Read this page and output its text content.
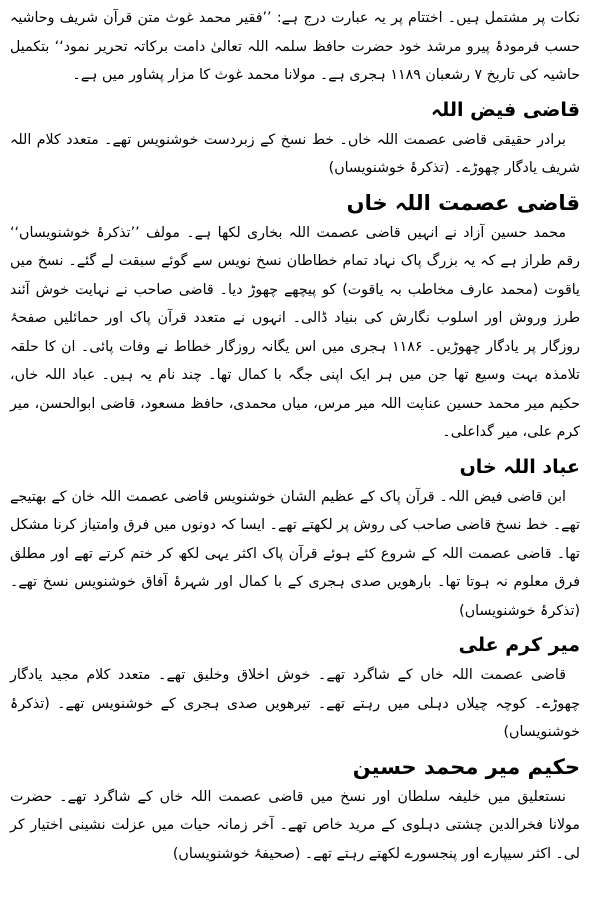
نکات پر مشتمل ہیں۔ اختتام پر یہ عبارت درج ہے: ’’فقیر محمد غوث متن قرآن شریف وحاشیہ حسب فرمودۂ پیرو مرشد خود حضرت حافظ سلمہ اللہ تعالیٰ دامت برکاتہ تحریر نمود‘‘ بتکمیل حاشیہ کی تاریخ ۷ رشعبان ۱۱۸۹ ہجری ہے۔ مولانا محمد غوث کا مزار پشاور میں ہے۔

قاضی فیض اللہ

برادر حقیقی قاضی عصمت اللہ خاں۔ خط نسخ کے زبردست خوشنویس تھے۔ متعدد کلام اللہ شریف یادگار چھوڑے۔ (تذکرۂ خوشنویساں)

قاضی عصمت اللہ خاں

محمد حسین آزاد نے انہیں قاضی عصمت اللہ بخاری لکھا ہے۔ مولف ’’تذکرۂ خوشنویساں‘‘ رقم طراز ہے کہ یہ بزرگ پاک نہاد تمام خطاطان نسخ نویس سے گوئے سبقت لے گئے۔ نسخ میں یاقوت (محمد عارف مخاطب بہ یاقوت) کو پیچھے چھوڑ دیا۔ قاضی صاحب نے نہایت خوش آئند طرز وروش اور اسلوب نگارش کی بنیاد ڈالی۔ انہوں نے متعدد قرآن پاک اور حمائلیں صفحۂ روزگار پر یادگار چھوڑیں۔ ۱۱۸۶ ہجری میں اس یگانہ روزگار خطاط نے وفات پائی۔ ان کا حلقہ تلامذہ بہت وسیع تھا جن میں ہر ایک اپنی جگہ با کمال تھا۔ چند نام یہ ہیں۔ عباد اللہ خاں، حکیم میر محمد حسین عنایت اللہ میر مرس، میاں محمدی، حافظ مسعود، قاضی ابوالحسن، میر کرم علی، میر گداعلی۔

عباد اللہ خاں

ابن قاضی فیض اللہ۔ قرآن پاک کے عظیم الشان خوشنویس قاضی عصمت اللہ خان کے بھتیجے تھے۔ خط نسخ قاضی صاحب کی روش پر لکھتے تھے۔ ایسا کہ دونوں میں فرق وامتیاز کرنا مشکل تھا۔ قاضی عصمت اللہ کے شروع کئے ہوئے قرآن پاک اکثر یہی لکھ کر ختم کرتے تھے اور مطلق فرق معلوم نہ ہوتا تھا۔ بارھویں صدی ہجری کے با کمال اور شہرۂ آفاق خوشنویس نسخ تھے۔ (تذکرۂ خوشنویساں)

میر کرم علی

قاضی عصمت اللہ خاں کے شاگرد تھے۔ خوش اخلاق وخلیق تھے۔ متعدد کلام مجید یادگار چھوڑے۔ کوچہ چیلاں دہلی میں رہتے تھے۔ تیرھویں صدی ہجری کے خوشنویس تھے۔ (تذکرۂ خوشنویساں)

حکیم میر محمد حسین

نستعلیق میں خلیفہ سلطان اور نسخ میں قاضی عصمت اللہ خاں کے شاگرد تھے۔ حضرت مولانا فخرالدین چشتی دہلوی کے مرید خاص تھے۔ آخر زمانہ حیات میں عزلت نشینی اختیار کر لی۔ اکثر سیپارے اور پنجسورے لکھتے رہتے تھے۔ (صحیفۂ خوشنویساں)
